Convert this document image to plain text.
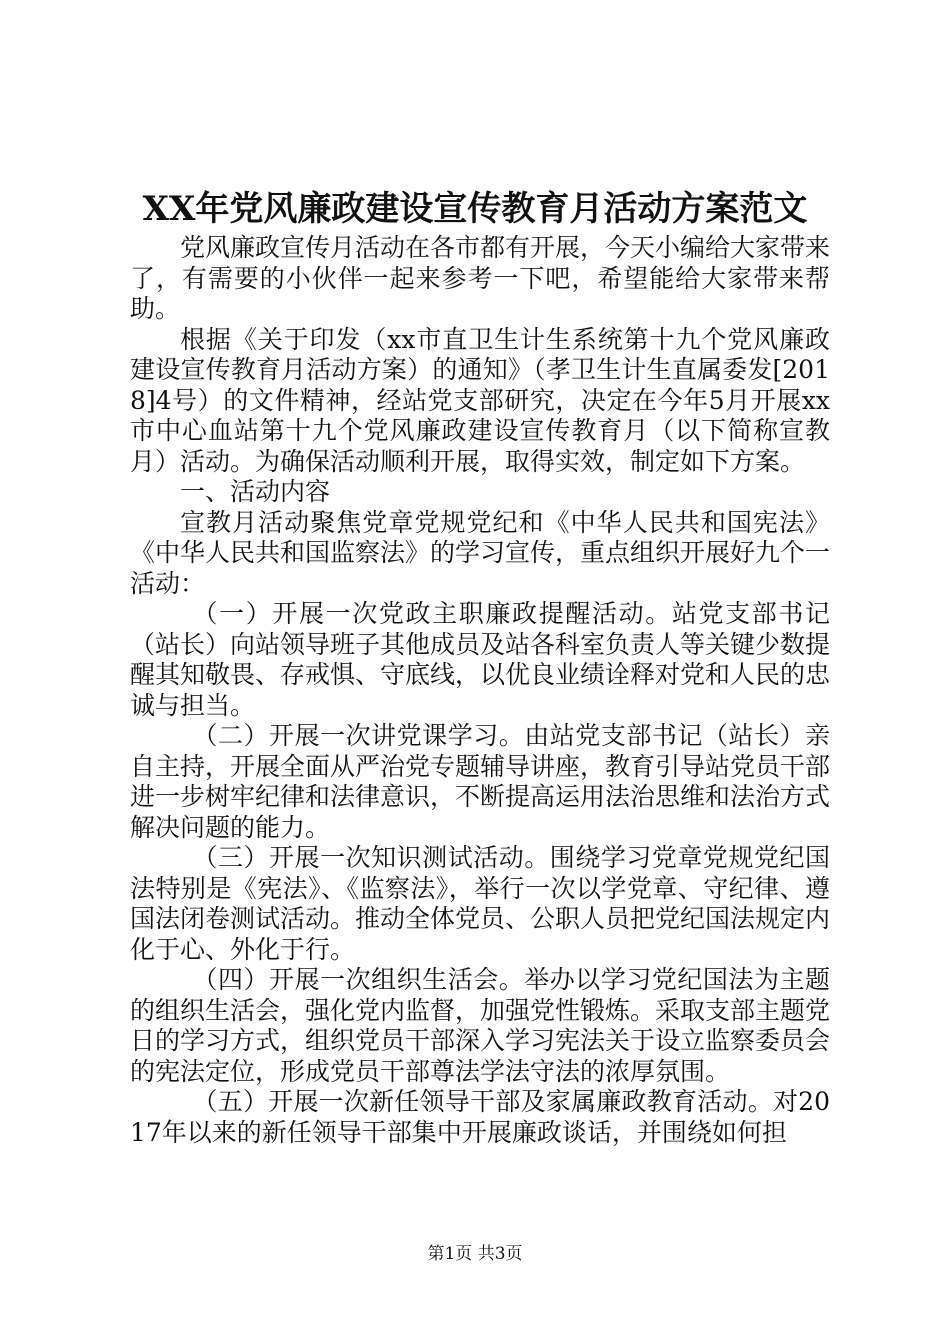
XX年党风廉政建设宣传教育月活动方案范文

党风廉政宣传月活动在各市都有开展，今天小编给大家带来了，有需要的小伙伴一起来参考一下吧，希望能给大家带来帮助。

根据《关于印发（xx市直卫生计生系统第十九个党风廉政建设宣传教育月活动方案）的通知》（孝卫生计生直属委发[2018]4号）的文件精神，经站党支部研究，决定在今年5月开展xx市中心血站第十九个党风廉政建设宣传教育月（以下简称宣教月）活动。为确保活动顺利开展，取得实效，制定如下方案。

一、活动内容

宣教月活动聚焦党章党规党纪和《中华人民共和国宪法》《中华人民共和国监察法》的学习宣传，重点组织开展好九个一活动：

（一）开展一次党政主职廉政提醒活动。站党支部书记（站长）向站领导班子其他成员及站各科室负责人等关键少数提醒其知敬畏、存戒惧、守底线，以优良业绩诠释对党和人民的忠诚与担当。

（二）开展一次讲党课学习。由站党支部书记（站长）亲自主持，开展全面从严治党专题辅导讲座，教育引导站党员干部进一步树牢纪律和法律意识，不断提高运用法治思维和法治方式解决问题的能力。

（三）开展一次知识测试活动。围绕学习党章党规党纪国法特别是《宪法》、《监察法》，举行一次以学党章、守纪律、遵国法闭卷测试活动。推动全体党员、公职人员把党纪国法规定内化于心、外化于行。

（四）开展一次组织生活会。举办以学习党纪国法为主题的组织生活会，强化党内监督，加强党性锻炼。采取支部主题党日的学习方式，组织党员干部深入学习宪法关于设立监察委员会的宪法定位，形成党员干部尊法学法守法的浓厚氛围。

（五）开展一次新任领导干部及家属廉政教育活动。对2017年以来的新任领导干部集中开展廉政谈话，并围绕如何担

第1页 共3页
